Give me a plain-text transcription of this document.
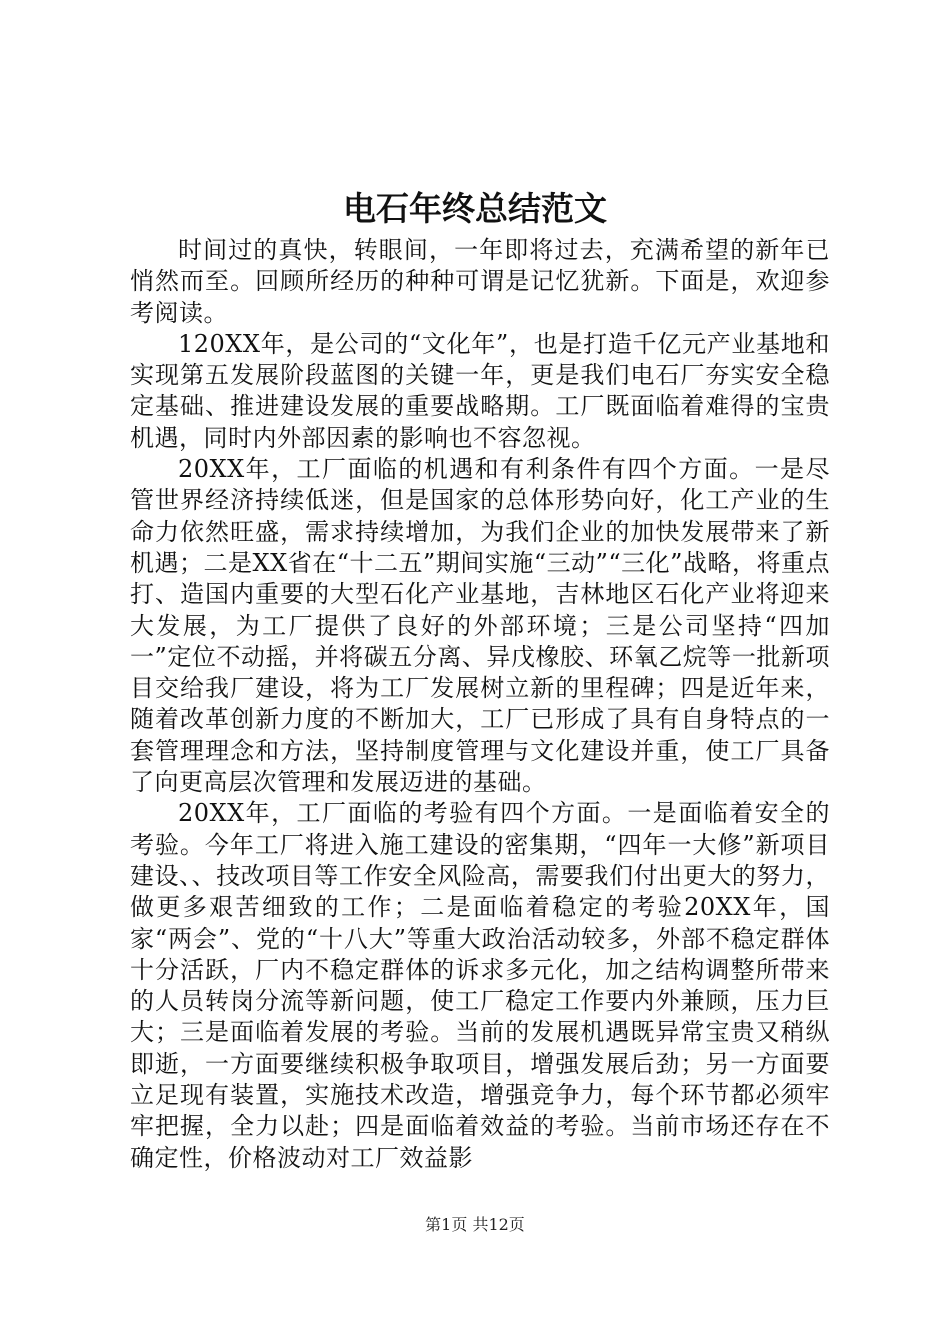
电石年终总结范文

时间过的真快，转眼间，一年即将过去，充满希望的新年已悄然而至。回顾所经历的种种可谓是记忆犹新。下面是，欢迎参考阅读。

120XX年，是公司的“文化年”，也是打造千亿元产业基地和实现第五发展阶段蓝图的关键一年，更是我们电石厂夯实安全稳定基础、推进建设发展的重要战略期。工厂既面临着难得的宝贵机遇，同时内外部因素的影响也不容忽视。

20XX年，工厂面临的机遇和有利条件有四个方面。一是尽管世界经济持续低迷，但是国家的总体形势向好，化工产业的生命力依然旺盛，需求持续增加，为我们企业的加快发展带来了新机遇；二是XX省在“十二五”期间实施“三动”“三化”战略，将重点打、造国内重要的大型石化产业基地，吉林地区石化产业将迎来大发展，为工厂提供了良好的外部环境；三是公司坚持“四加一”定位不动摇，并将碳五分离、异戊橡胶、环氧乙烷等一批新项目交给我厂建设，将为工厂发展树立新的里程碑；四是近年来，随着改革创新力度的不断加大，工厂已形成了具有自身特点的一套管理理念和方法，坚持制度管理与文化建设并重，使工厂具备了向更高层次管理和发展迈进的基础。

20XX年，工厂面临的考验有四个方面。一是面临着安全的考验。今年工厂将进入施工建设的密集期，“四年一大修”新项目建设、、技改项目等工作安全风险高，需要我们付出更大的努力，做更多艰苦细致的工作；二是面临着稳定的考验20XX年，国家“两会”、党的“十八大”等重大政治活动较多，外部不稳定群体十分活跃，厂内不稳定群体的诉求多元化，加之结构调整所带来的人员转岗分流等新问题，使工厂稳定工作要内外兼顾，压力巨大；三是面临着发展的考验。当前的发展机遇既异常宝贵又稍纵即逝，一方面要继续积极争取项目，增强发展后劲；另一方面要立足现有装置，实施技术改造，增强竞争力，每个环节都必须牢牢把握，全力以赴；四是面临着效益的考验。当前市场还存在不确定性，价格波动对工厂效益影

第1页 共12页
